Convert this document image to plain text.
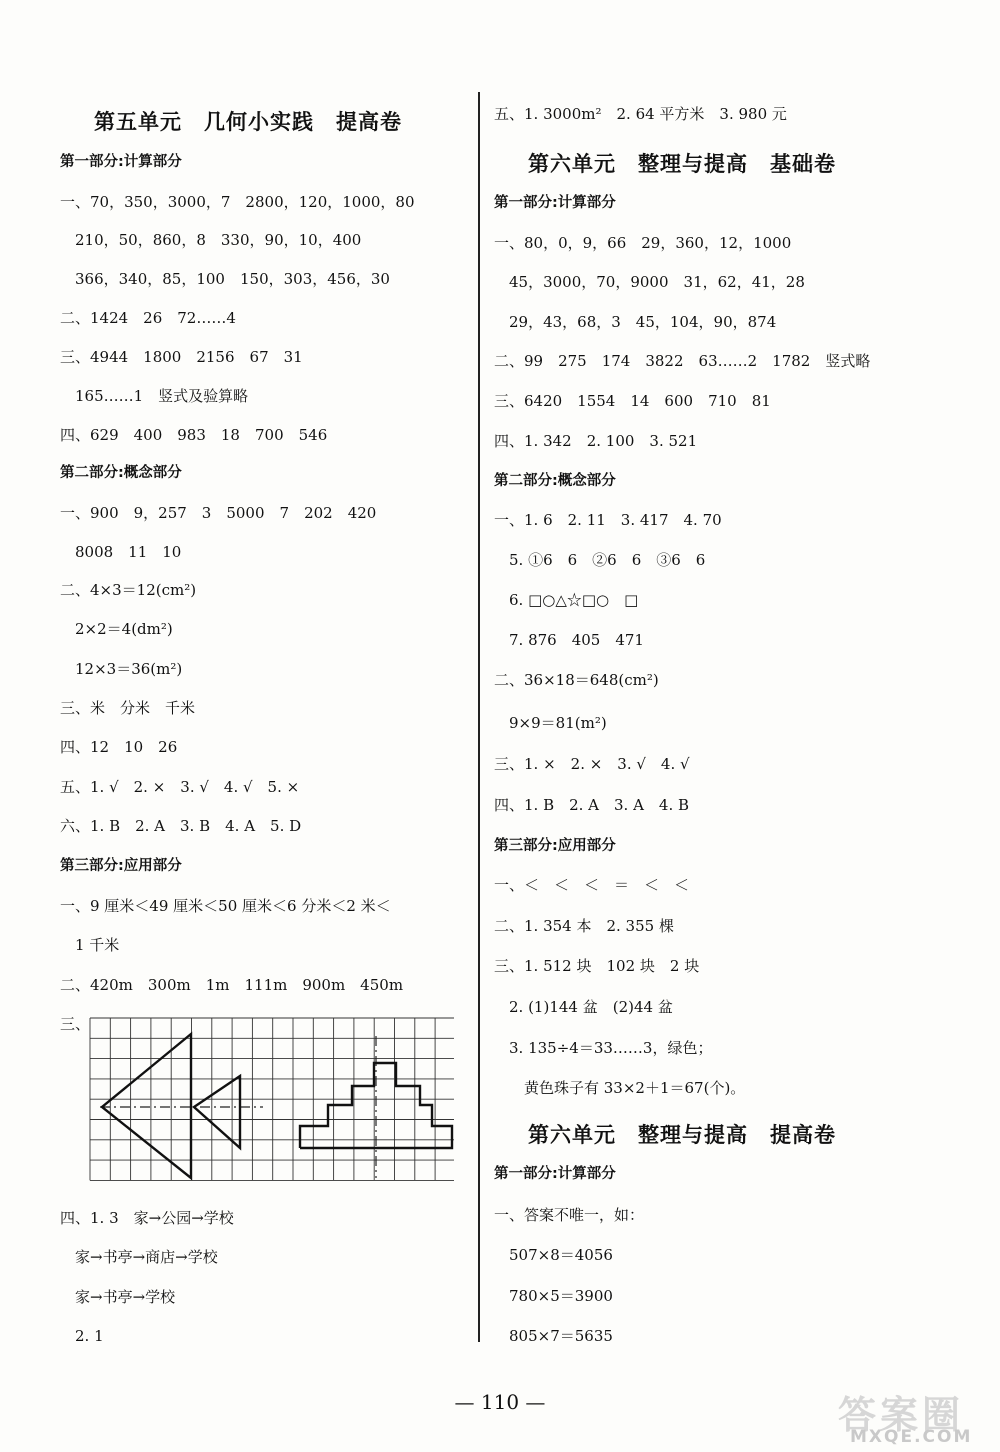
第五单元　几何小实践　提高卷
第一部分:计算部分
一、70，350，3000，7　2800，120，1000，80
　210，50，860，8　330，90，10，400
　366，340，85，100　150，303，456，30
二、1424　26　72……4
三、4944　1800　2156　67　31
　165……1　竖式及验算略
四、629　400　983　18　700　546
第二部分:概念部分
一、900　9，257　3　5000　7　202　420
　8008　11　10
二、4×3＝12(cm²)
　2×2＝4(dm²)
　12×3＝36(m²)
三、米　分米　千米
四、12　10　26
五、1. √　2. ×　3. √　4. √　5. ×
六、1. B　2. A　3. B　4. A　5. D
第三部分:应用部分
一、9 厘米＜49 厘米＜50 厘米＜6 分米＜2 米＜
　1 千米
二、420m　300m　1m　111m　900m　450m
三、
四、1. 3　家→公园→学校
　家→书亭→商店→学校
　家→书亭→学校
　2. 1
五、1. 3000m²　2. 64 平方米　3. 980 元
第六单元　整理与提高　基础卷
第一部分:计算部分
一、80，0，9，66　29，360，12，1000
　45，3000，70，9000　31，62，41，28
　29，43，68，3　45，104，90，874
二、99　275　174　3822　63……2　1782　竖式略
三、6420　1554　14　600　710　81
四、1. 342　2. 100　3. 521
第二部分:概念部分
一、1. 6　2. 11　3. 417　4. 70
　5. ①6　6　②6　6　③6　6
　6. □○△☆□○　□
　7. 876　405　471
二、36×18＝648(cm²)
　9×9＝81(m²)
三、1. ×　2. ×　3. √　4. √
四、1. B　2. A　3. A　4. B
第三部分:应用部分
一、＜　＜　＜　＝　＜　＜
二、1. 354 本　2. 355 棵
三、1. 512 块　102 块　2 块
　2. (1)144 盆　(2)44 盆
　3. 135÷4＝33……3，绿色；
　　黄色珠子有 33×2＋1＝67(个)。
第六单元　整理与提高　提高卷
第一部分:计算部分
一、答案不唯一，如：
　507×8＝4056
　780×5＝3900
　805×7＝5635
— 110 —	答 案 圈
MXQE.COM
